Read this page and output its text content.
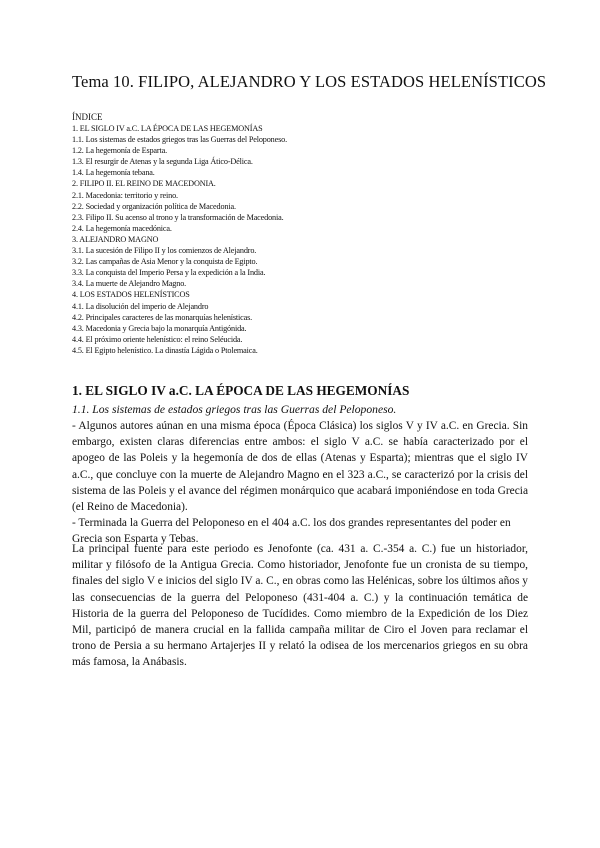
Tema 10. FILIPO, ALEJANDRO Y LOS ESTADOS HELENÍSTICOS
ÍNDICE
1. EL SIGLO IV a.C. LA ÉPOCA DE LAS HEGEMONÍAS
1.1. Los sistemas de estados griegos tras las Guerras del Peloponeso.
1.2. La hegemonía de Esparta.
1.3. El resurgir de Atenas y la segunda Liga Ático-Délica.
1.4. La hegemonía tebana.
2. FILIPO II. EL REINO DE MACEDONIA.
2.1. Macedonia: territorio y reino.
2.2. Sociedad y organización política de Macedonia.
2.3. Filipo II. Su acenso al trono y la transformación de Macedonia.
2.4. La hegemonía macedónica.
3. ALEJANDRO MAGNO
3.1. La sucesión de Filipo II y los comienzos de Alejandro.
3.2. Las campañas de Asia Menor y la conquista de Egipto.
3.3. La conquista del Imperio Persa y la expedición a la India.
3.4. La muerte de Alejandro Magno.
4. LOS ESTADOS HELENÍSTICOS
4.1. La disolución del imperio de Alejandro
4.2. Principales caracteres de las monarquías helenísticas.
4.3. Macedonia y Grecia bajo la monarquía Antigónida.
4.4. El próximo oriente helenístico: el reino Seléucida.
4.5. El Egipto helenístico. La dinastía Lágida o Ptolemaica.
1. EL SIGLO IV a.C. LA ÉPOCA DE LAS HEGEMONÍAS
1.1. Los sistemas de estados griegos tras las Guerras del Peloponeso.

- Algunos autores aúnan en una misma época (Época Clásica) los siglos V y IV a.C. en Grecia. Sin embargo, existen claras diferencias entre ambos: el siglo V a.C. se había caracterizado por el apogeo de las Poleis y la hegemonía de dos de ellas (Atenas y Esparta); mientras que el siglo IV a.C., que concluye con la muerte de Alejandro Magno en el 323 a.C., se caracterizó por la crisis del sistema de las Poleis y el avance del régimen monárquico que acabará imponiéndose en toda Grecia (el Reino de Macedonia).

- Terminada la Guerra del Peloponeso en el 404 a.C. los dos grandes representantes del poder en Grecia son Esparta y Tebas.

La principal fuente para este periodo es Jenofonte (ca. 431 a. C.-354 a. C.) fue un historiador, militar y filósofo de la Antigua Grecia. Como historiador, Jenofonte fue un cronista de su tiempo, finales del siglo V e inicios del siglo IV a. C., en obras como las Helénicas, sobre los últimos años y las consecuencias de la guerra del Peloponeso (431-404 a. C.) y la continuación temática de Historia de la guerra del Peloponeso de Tucídides. Como miembro de la Expedición de los Diez Mil, participó de manera crucial en la fallida campaña militar de Ciro el Joven para reclamar el trono de Persia a su hermano Artajerjes II y relató la odisea de los mercenarios griegos en su obra más famosa, la Anábasis.
